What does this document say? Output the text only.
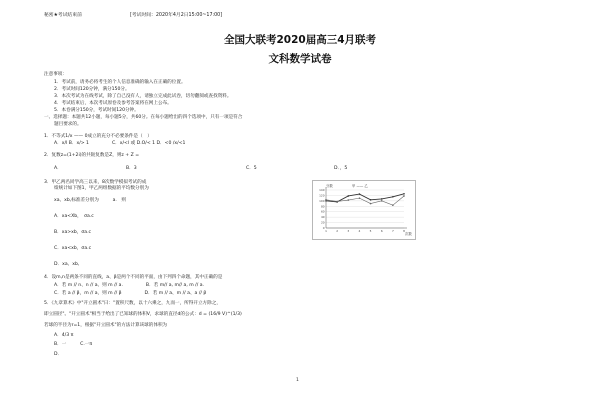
秘密★考试结束前	[考试时间：2020年4月2日15:00~17:00]
全国大联考2020届高三4月联考
文科数学试卷
注意事项：
1．考试前，请务必将考生的个人信息准确的输入在正确的位置。
2．考试时间120分钟，满分150分。
3．本次考试为在线考试，除了自己没有人，请独立完成此试卷，切勿翻阅或查找资料。
4．考试结束后，本次考试原卷及参考答案将在网上公布。
5．本卷满分150分，考试时间120分钟。
一、选择题：本题共12小题，每小题5分，共60分。在每小题给出的四个选项中，只有一项是符合
题目要求的。
1．不等式1/x —— 0成立的充分不必要条件是（　）
A．x/l B．x/> 1　　　　　C．x/<l 或 D.O/< 1 D．<0 /x/<1
2．复数z=(1+2i)的共轭复数是Z，则z + Z =
A．	B．3	C．5	D．，5
3．甲乙两名同学高三以来，8次数学模拟考试的成
绩统计如下图1，甲乙两组数据的平均数分别为
xa、xb,标准差分别为　　　a.　则
A．xa<Xb，　σa.c
B．xa>xb，σa.c
C．xa<xb，σa.c
D．xa、xb,
0
20
40
60
80
100
120
140
1	2	3	4	5	6	7	8
分数	甲 —— 乙
次数
4．设m,n是两条不同的直线，a、β是两个不同的平面，由下列四个命题，其中正确的是
A．若 m // n、n // a、则 m // a.　　　　　B．若 m// a, m// a, m // a.
C．若 a // β，m // a，则 m // β　　　　　D．若 m // a、m // a、a // β
5．《九章算术》中"开立圆术"曰："置积尺数，以十六乘之，九而一，所得开立方除之，
即立圆径"。"开立圆术"相当于给出了已知球的体积V，求球的直径d的公式：d = (16/9 V)^(1/3)
若球的半径为r=1，根据"开立圆术"的方法计算该球的体积为
A．4/3 π
B．一　　　C.一π
D．
1
